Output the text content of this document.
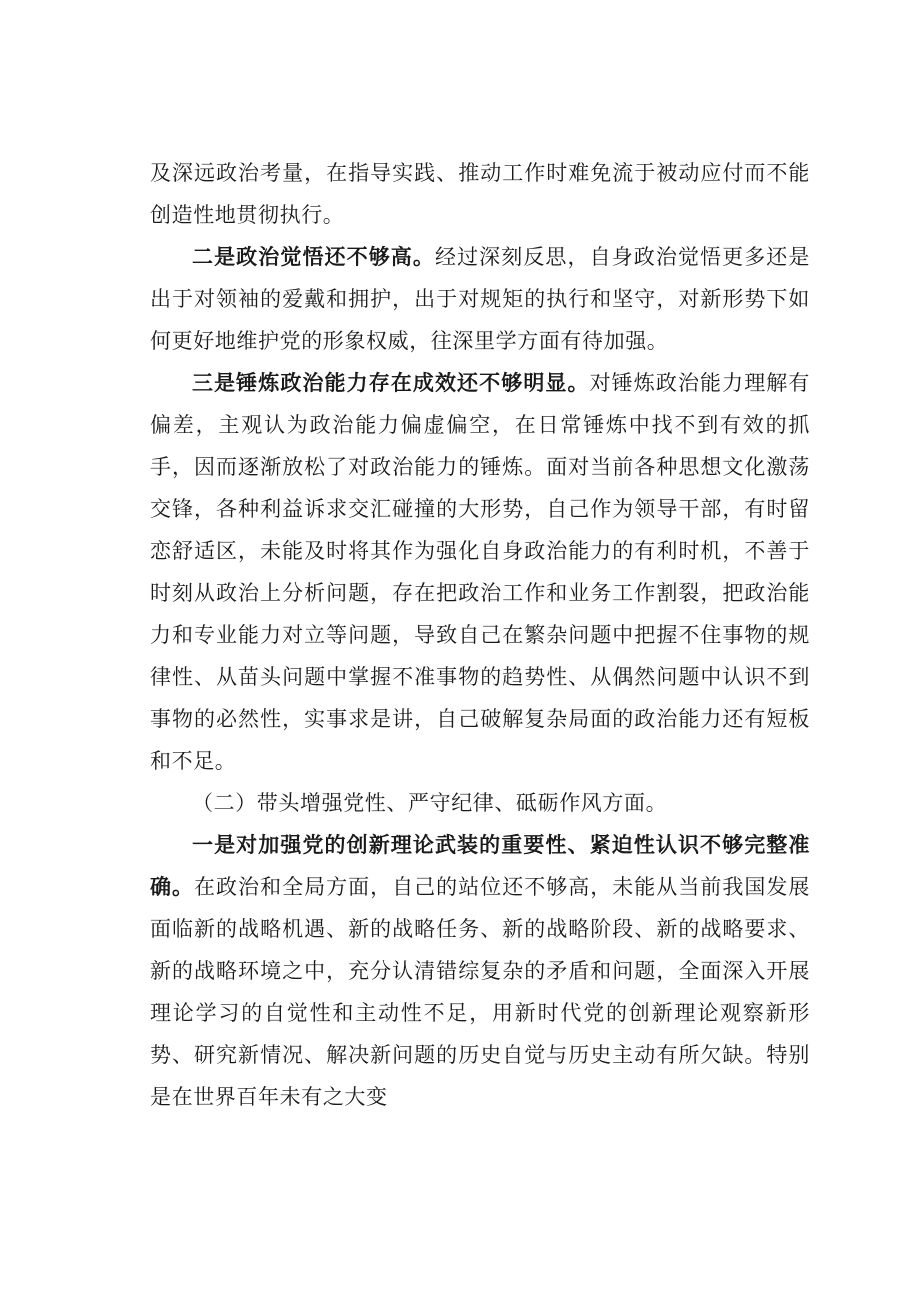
及深远政治考量，在指导实践、推动工作时难免流于被动应付而不能创造性地贯彻执行。

二是政治觉悟还不够高。经过深刻反思，自身政治觉悟更多还是出于对领袖的爱戴和拥护，出于对规矩的执行和坚守，对新形势下如何更好地维护党的形象权威，往深里学方面有待加强。

三是锤炼政治能力存在成效还不够明显。对锤炼政治能力理解有偏差，主观认为政治能力偏虚偏空，在日常锤炼中找不到有效的抓手，因而逐渐放松了对政治能力的锤炼。面对当前各种思想文化激荡交锋，各种利益诉求交汇碰撞的大形势，自己作为领导干部，有时留恋舒适区，未能及时将其作为强化自身政治能力的有利时机，不善于时刻从政治上分析问题，存在把政治工作和业务工作割裂，把政治能力和专业能力对立等问题，导致自己在繁杂问题中把握不住事物的规律性、从苗头问题中掌握不准事物的趋势性、从偶然问题中认识不到事物的必然性，实事求是讲，自己破解复杂局面的政治能力还有短板和不足。

（二）带头增强党性、严守纪律、砥砺作风方面。

一是对加强党的创新理论武装的重要性、紧迫性认识不够完整准确。在政治和全局方面，自己的站位还不够高，未能从当前我国发展面临新的战略机遇、新的战略任务、新的战略阶段、新的战略要求、新的战略环境之中，充分认清错综复杂的矛盾和问题，全面深入开展理论学习的自觉性和主动性不足，用新时代党的创新理论观察新形势、研究新情况、解决新问题的历史自觉与历史主动有所欠缺。特别是在世界百年未有之大变
